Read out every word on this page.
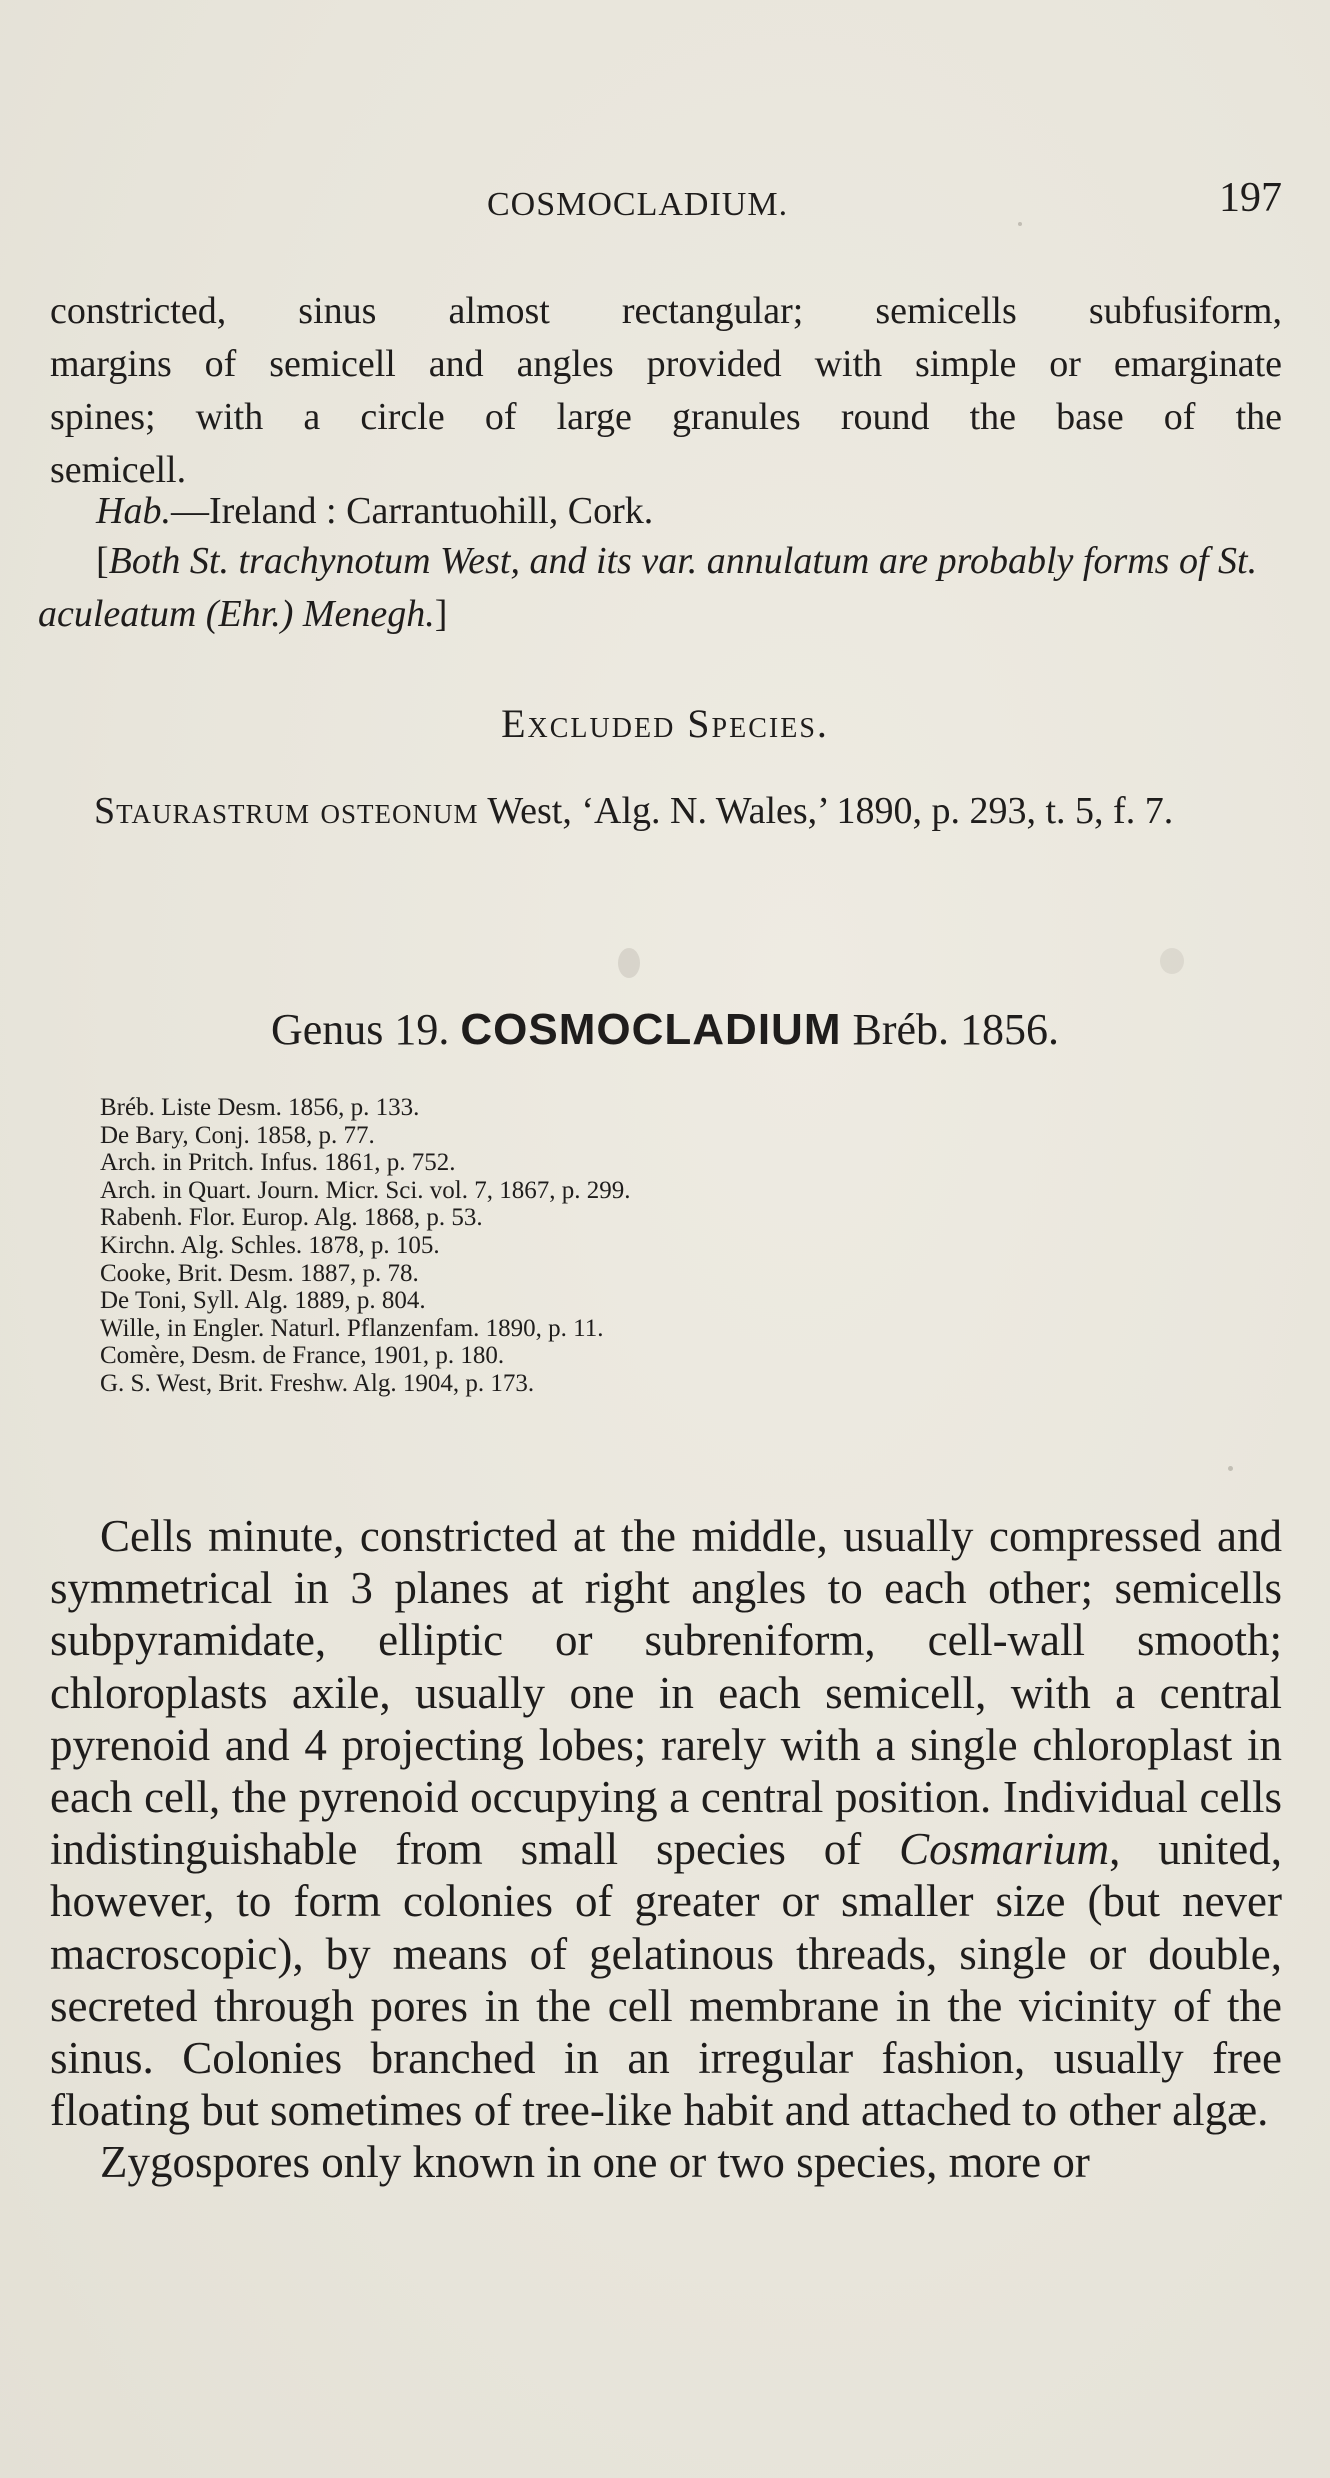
COSMOCLADIUM.	197
constricted, sinus almost rectangular; semicells subfusiform,
margins of semicell and angles provided with simple or emarginate
spines; with a circle of large granules round the base of the
semicell.
Hab.—Ireland : Carrantuohill, Cork.
[Both St. trachynotum West, and its var. annulatum are probably forms of St. aculeatum (Ehr.) Menegh.]
Excluded Species.
Staurastrum osteonum West, ‘Alg. N. Wales,’ 1890, p. 293, t. 5, f. 7.
Genus 19. COSMOCLADIUM Bréb. 1856.
Bréb. Liste Desm. 1856, p. 133.
De Bary, Conj. 1858, p. 77.
Arch. in Pritch. Infus. 1861, p. 752.
Arch. in Quart. Journ. Micr. Sci. vol. 7, 1867, p. 299.
Rabenh. Flor. Europ. Alg. 1868, p. 53.
Kirchn. Alg. Schles. 1878, p. 105.
Cooke, Brit. Desm. 1887, p. 78.
De Toni, Syll. Alg. 1889, p. 804.
Wille, in Engler. Naturl. Pflanzenfam. 1890, p. 11.
Comère, Desm. de France, 1901, p. 180.
G. S. West, Brit. Freshw. Alg. 1904, p. 173.

Cells minute, constricted at the middle, usually compressed and symmetrical in 3 planes at right angles to each other; semicells subpyramidate, elliptic or subreniform, cell-wall smooth; chloroplasts axile, usually one in each semicell, with a central pyrenoid and 4 projecting lobes; rarely with a single chloroplast in each cell, the pyrenoid occupying a central position. Individual cells indistinguishable from small species of Cosmarium, united, however, to form colonies of greater or smaller size (but never macroscopic), by means of gelatinous threads, single or double, secreted through pores in the cell membrane in the vicinity of the sinus. Colonies branched in an irregular fashion, usually free floating but sometimes of tree-like habit and attached to other algæ.

Zygospores only known in one or two species, more or
